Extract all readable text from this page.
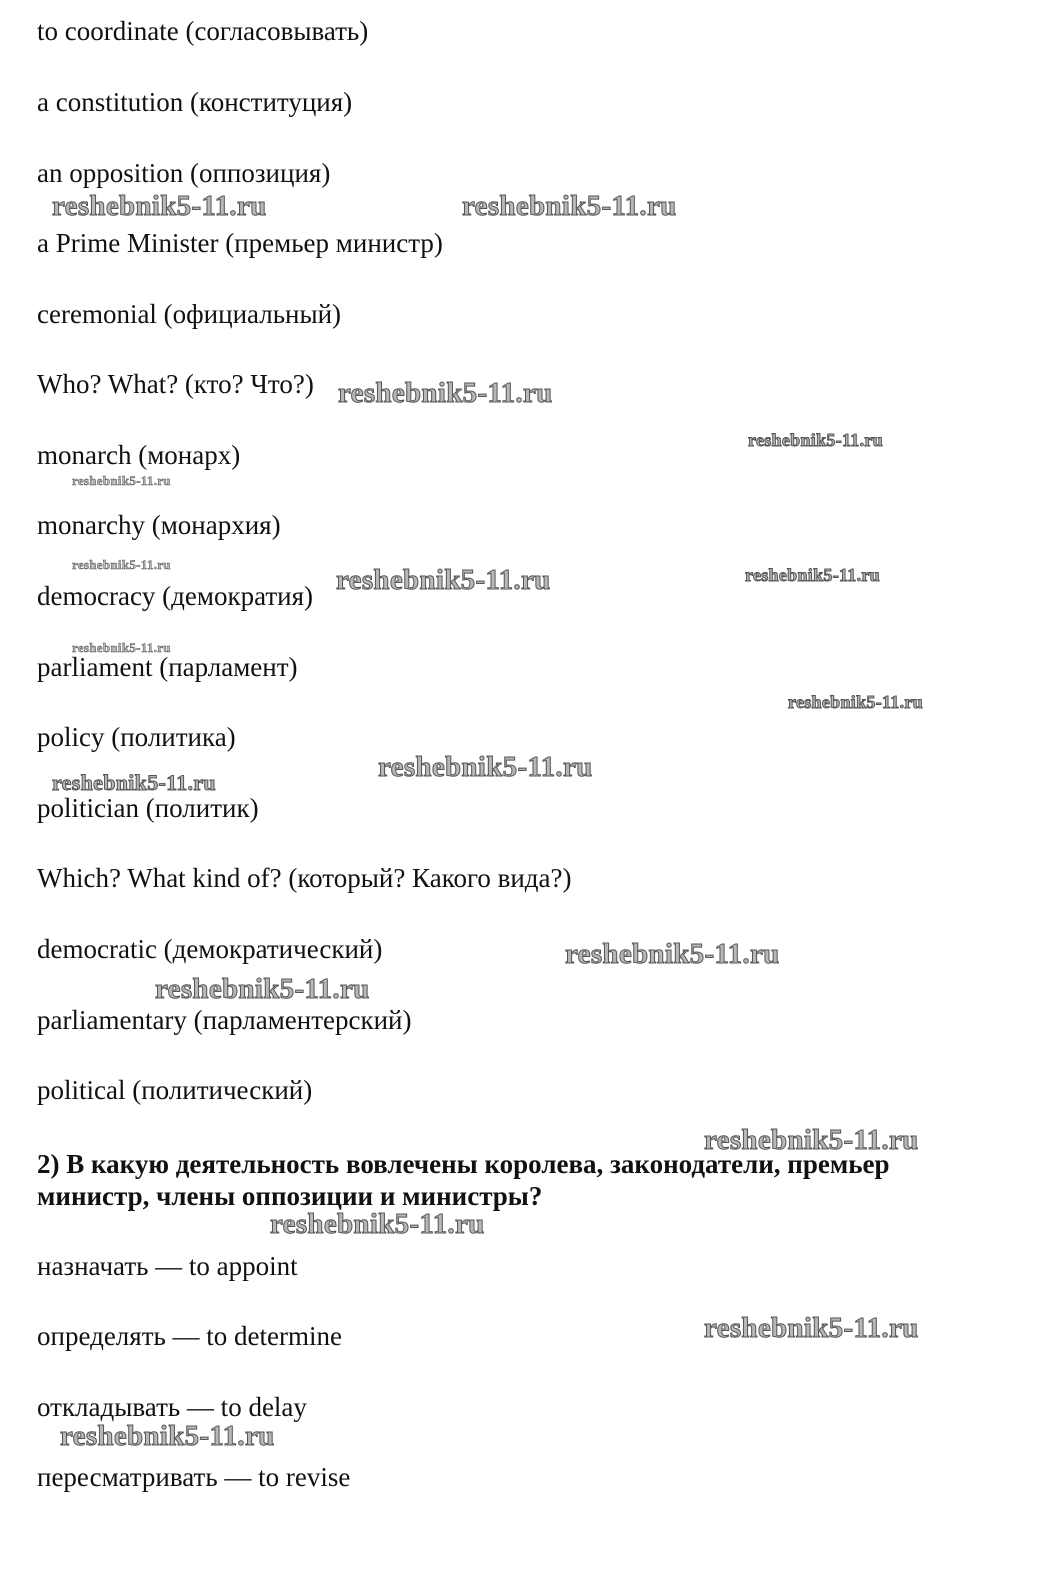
to coordinate (согласовывать)
a constitution (конституция)
an opposition (оппозиция)
a Prime Minister (премьер министр)
ceremonial (официальный)
Who? What? (кто? Что?)
monarch (монарх)
monarchy (монархия)
democracy (демократия)
parliament (парламент)
policy (политика)
politician (политик)
Which? What kind of? (который? Какого вида?)
democratic (демократический)
parliamentary (парламентерский)
political (политический)
2) В какую деятельность вовлечены королева, законодатели, премьер министр, члены оппозиции и министры?
назначать — to appoint
определять — to determine
откладывать — to delay
пересматривать — to revise
reshebnik5-11.ru	reshebnik5-11.ru
reshebnik5-11.ru
reshebnik5-11.ru
reshebnik5-11.ru
reshebnik5-11.ru	reshebnik5-11.ru	reshebnik5-11.ru
reshebnik5-11.ru
reshebnik5-11.ru
reshebnik5-11.ru
reshebnik5-11.ru
reshebnik5-11.ru
reshebnik5-11.ru
reshebnik5-11.ru
reshebnik5-11.ru
reshebnik5-11.ru
reshebnik5-11.ru
